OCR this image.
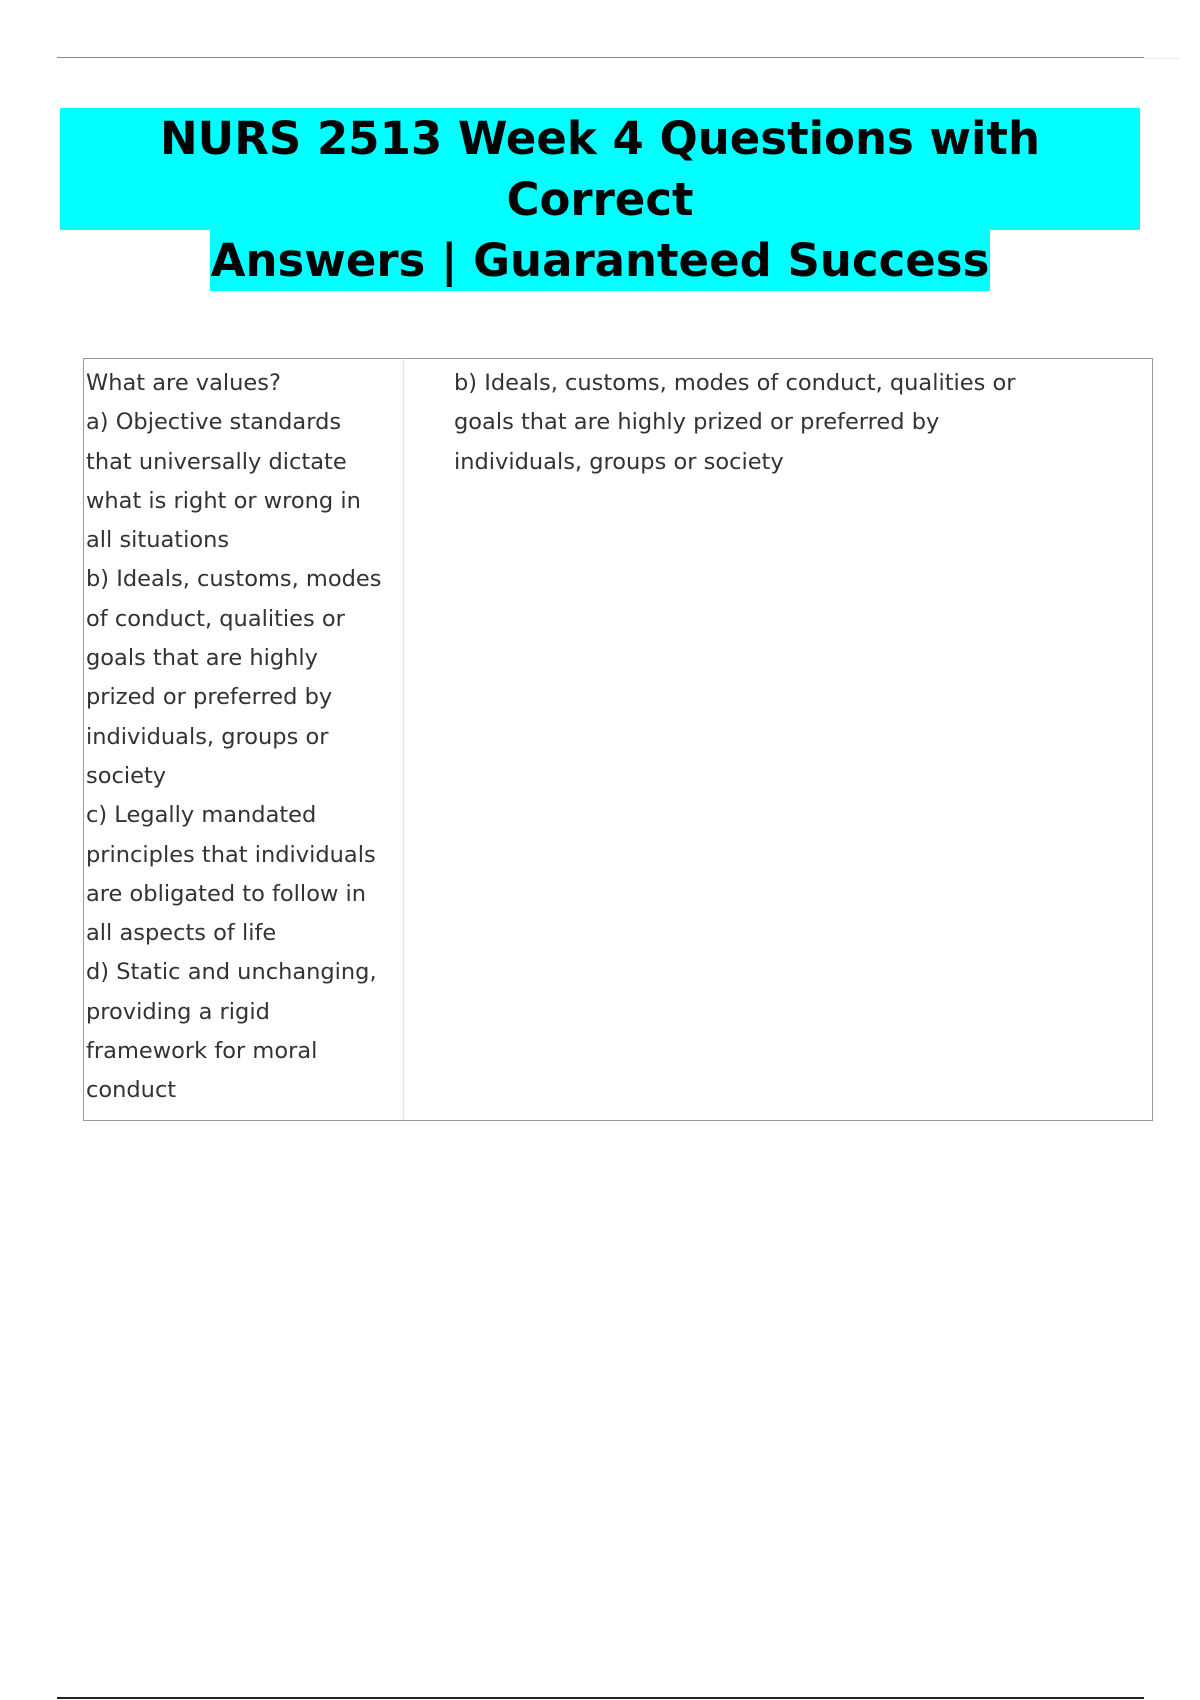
NURS 2513 Week 4 Questions with Correct
Answers | Guaranteed Success
What are values?
a) Objective standards
that universally dictate
what is right or wrong in
all situations
b) Ideals, customs, modes
of conduct, qualities or
goals that are highly
prized or preferred by
individuals, groups or
society
c) Legally mandated
principles that individuals
are obligated to follow in
all aspects of life
d) Static and unchanging,
providing a rigid
framework for moral
conduct
b) Ideals, customs, modes of conduct, qualities or
goals that are highly prized or preferred by
individuals, groups or society
